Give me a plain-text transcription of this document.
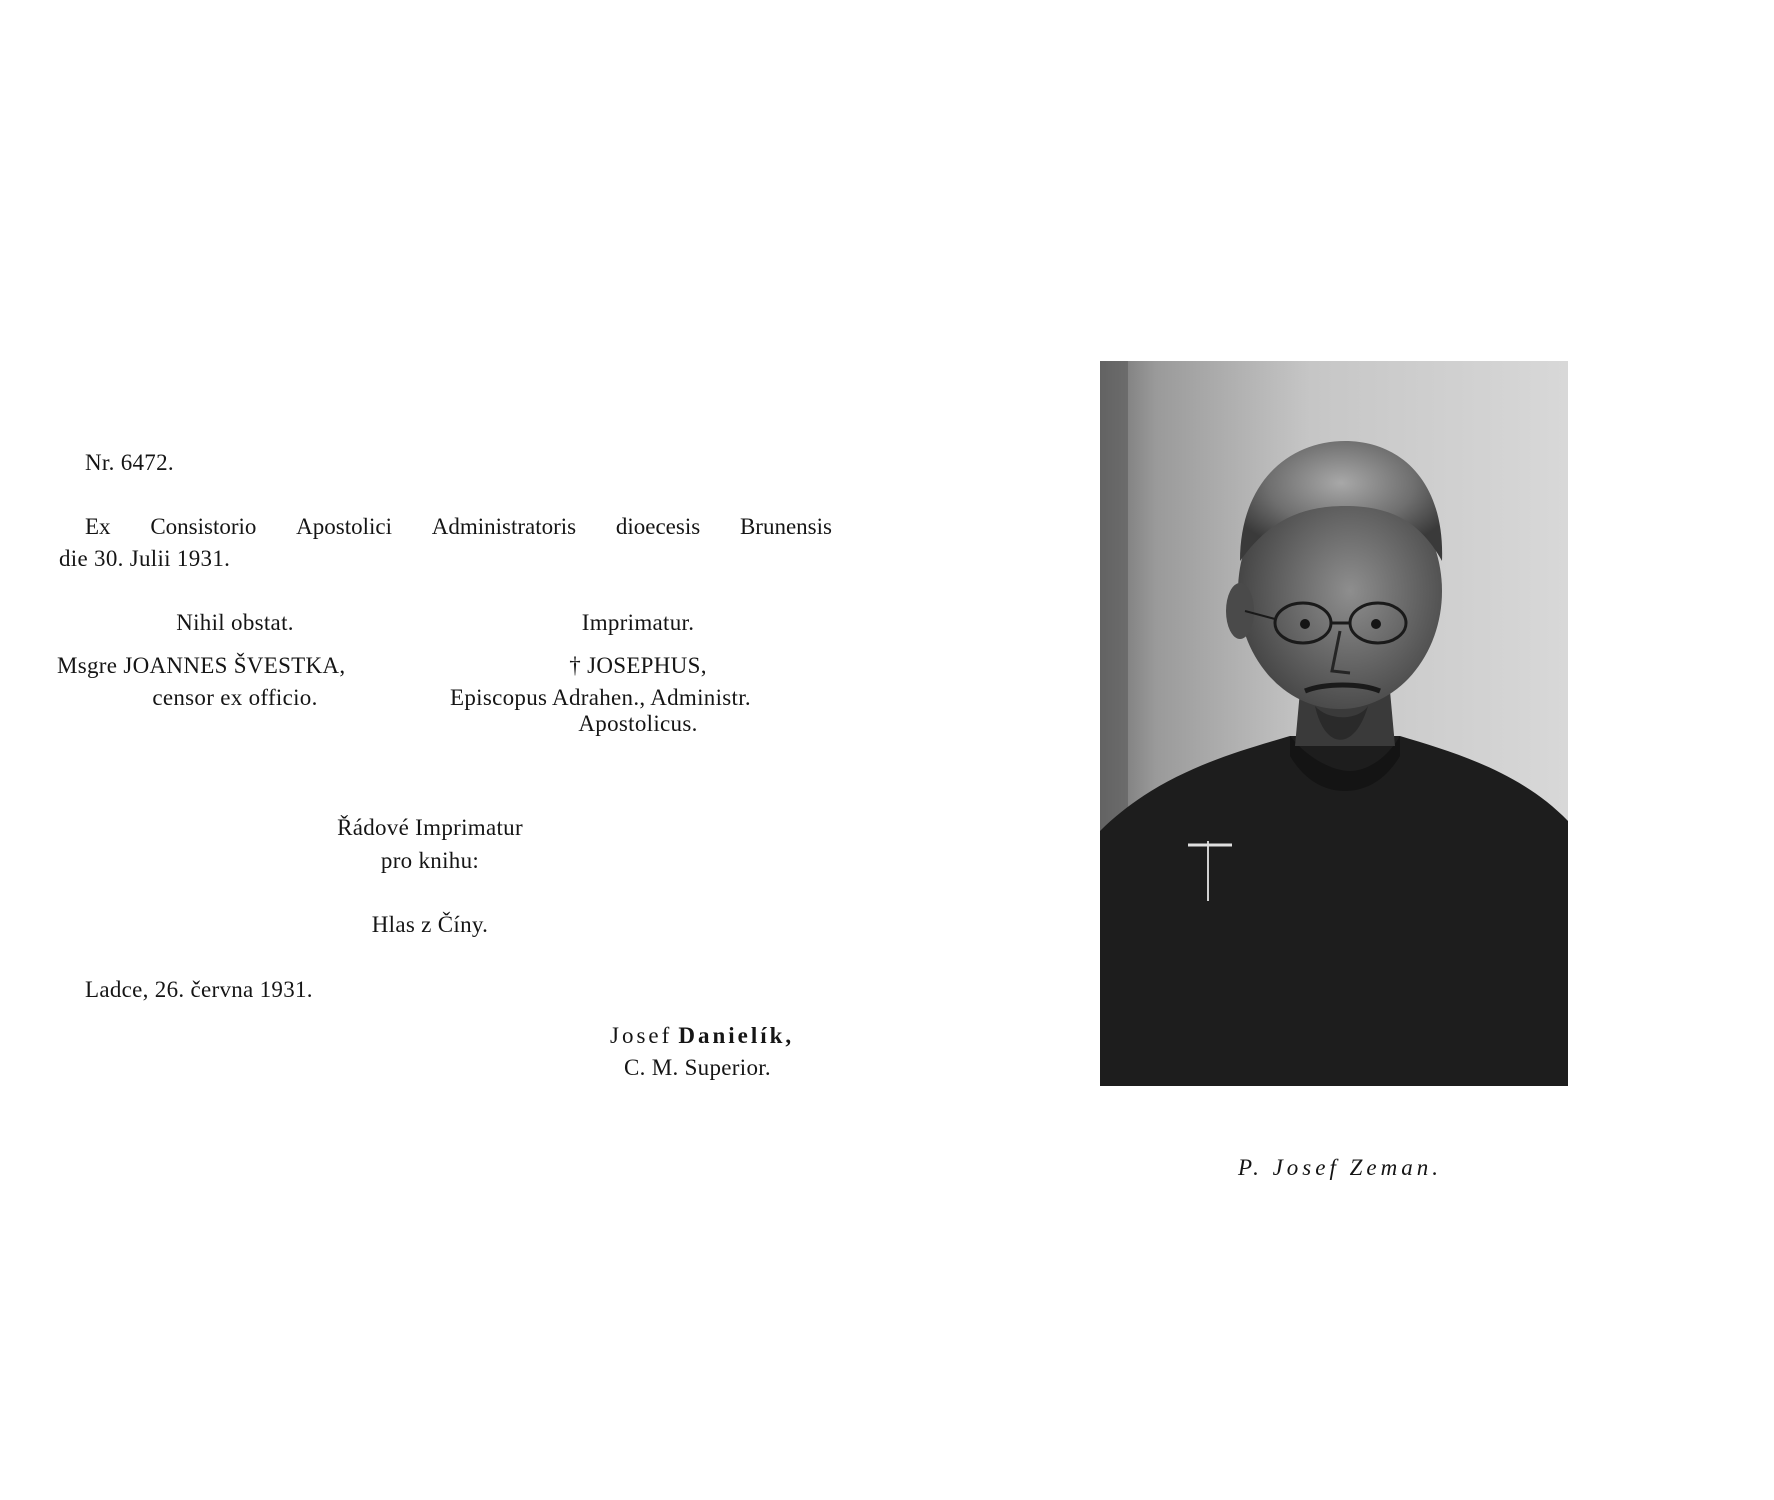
Nr. 6472.
Ex Consistorio Apostolici Administratoris dioecesis Brunensis
die 30. Julii 1931.
Nihil obstat.
Msgre JOANNES ŠVESTKA,
censor ex officio.
Imprimatur.
† JOSEPHUS,
Episcopus Adrahen., Administr.
Apostolicus.
Řádové Imprimatur
pro knihu:
Hlas z Číny.
Ladce, 26. června 1931.
Josef Danielík,
C. M. Superior.
P. Josef Zeman.
